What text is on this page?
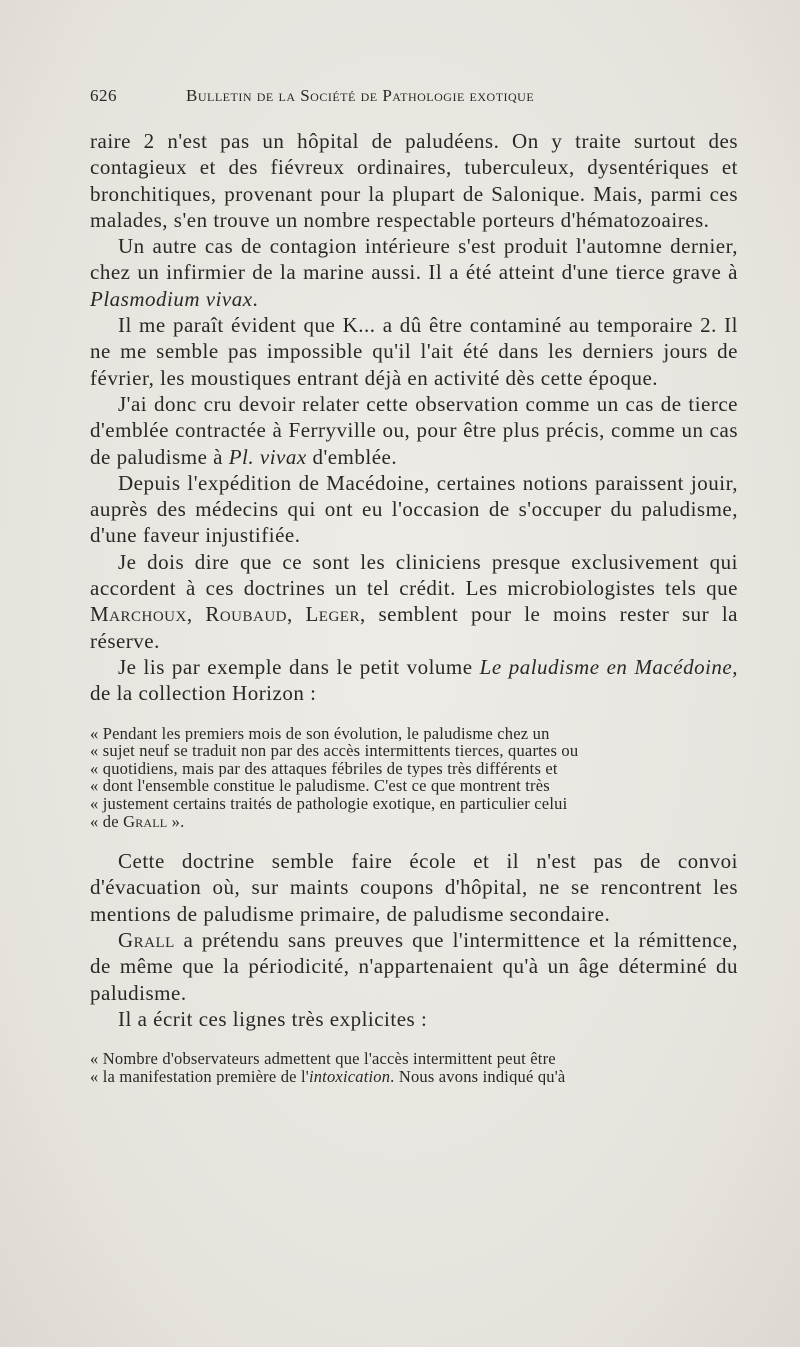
626	Bulletin de la Société de Pathologie exotique

raire 2 n'est pas un hôpital de paludéens. On y traite surtout des contagieux et des fiévreux ordinaires, tuberculeux, dysentériques et bronchitiques, provenant pour la plupart de Salonique. Mais, parmi ces malades, s'en trouve un nombre respectable porteurs d'hématozoaires.

Un autre cas de contagion intérieure s'est produit l'automne dernier, chez un infirmier de la marine aussi. Il a été atteint d'une tierce grave à Plasmodium vivax.

Il me paraît évident que K... a dû être contaminé au temporaire 2. Il ne me semble pas impossible qu'il l'ait été dans les derniers jours de février, les moustiques entrant déjà en activité dès cette époque.

J'ai donc cru devoir relater cette observation comme un cas de tierce d'emblée contractée à Ferryville ou, pour être plus précis, comme un cas de paludisme à Pl. vivax d'emblée.

Depuis l'expédition de Macédoine, certaines notions paraissent jouir, auprès des médecins qui ont eu l'occasion de s'occuper du paludisme, d'une faveur injustifiée.

Je dois dire que ce sont les cliniciens presque exclusivement qui accordent à ces doctrines un tel crédit. Les microbiologistes tels que Marchoux, Roubaud, Leger, semblent pour le moins rester sur la réserve.

Je lis par exemple dans le petit volume Le paludisme en Macédoine, de la collection Horizon :

« Pendant les premiers mois de son évolution, le paludisme chez un
« sujet neuf se traduit non par des accès intermittents tierces, quartes ou
« quotidiens, mais par des attaques fébriles de types très différents et
« dont l'ensemble constitue le paludisme. C'est ce que montrent très
« justement certains traités de pathologie exotique, en particulier celui
« de Grall ».

Cette doctrine semble faire école et il n'est pas de convoi d'évacuation où, sur maints coupons d'hôpital, ne se rencontrent les mentions de paludisme primaire, de paludisme secondaire.

Grall a prétendu sans preuves que l'intermittence et la rémittence, de même que la périodicité, n'appartenaient qu'à un âge déterminé du paludisme.

Il a écrit ces lignes très explicites :

« Nombre d'observateurs admettent que l'accès intermittent peut être
« la manifestation première de l'intoxication. Nous avons indiqué qu'à
